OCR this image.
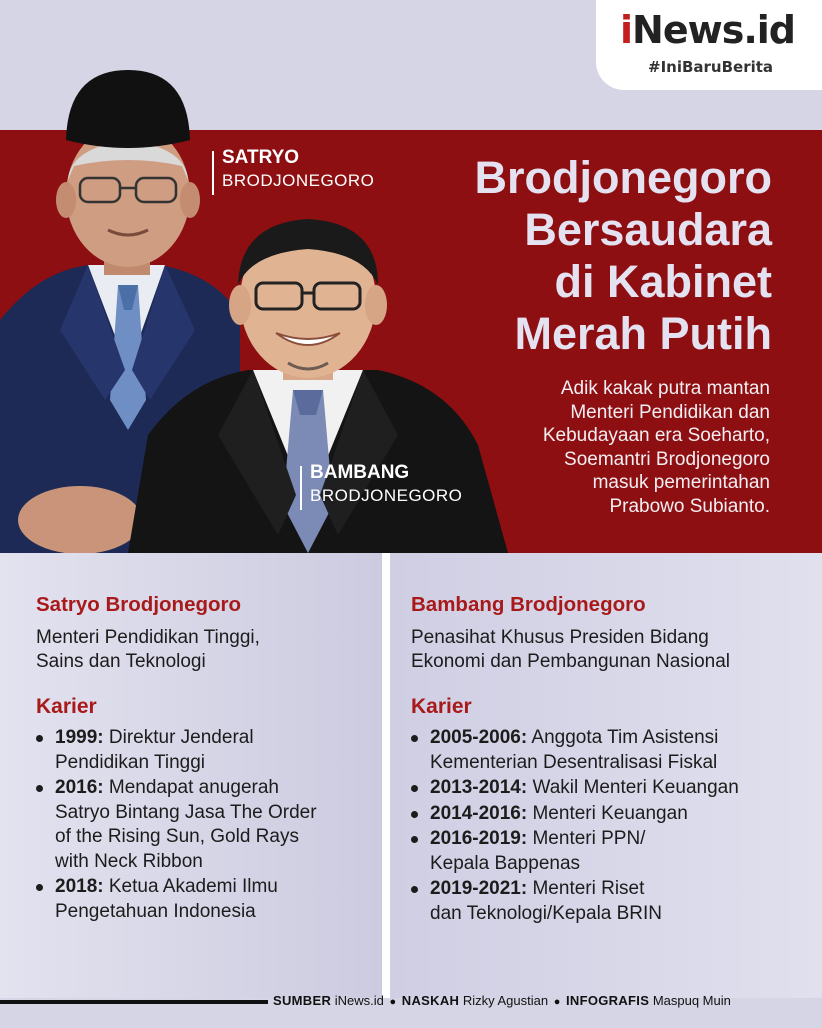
iNews.id
#IniBaruBerita
SATRYO
BRODJONEGORO
BAMBANG
BRODJONEGORO
Brodjonegoro
Bersaudara
di Kabinet
Merah Putih
Adik kakak putra mantan
Menteri Pendidikan dan
Kebudayaan era Soeharto,
Soemantri Brodjonegoro
masuk pemerintahan
Prabowo Subianto.
Satryo Brodjonegoro

Menteri Pendidikan Tinggi,
Sains dan Teknologi

Karier
1999: Direktur Jenderal
Pendidikan Tinggi
2016: Mendapat anugerah
Satryo Bintang Jasa The Order
of the Rising Sun, Gold Rays
with Neck Ribbon
2018: Ketua Akademi Ilmu
Pengetahuan Indonesia
Bambang Brodjonegoro

Penasihat Khusus Presiden Bidang
Ekonomi dan Pembangunan Nasional

Karier
2005-2006: Anggota Tim Asistensi
Kementerian Desentralisasi Fiskal
2013-2014: Wakil Menteri Keuangan
2014-2016: Menteri Keuangan
2016-2019: Menteri PPN/
Kepala Bappenas
2019-2021: Menteri Riset
dan Teknologi/Kepala BRIN
SUMBER iNews.id ● NASKAH Rizky Agustian ● INFOGRAFIS Maspuq Muin
